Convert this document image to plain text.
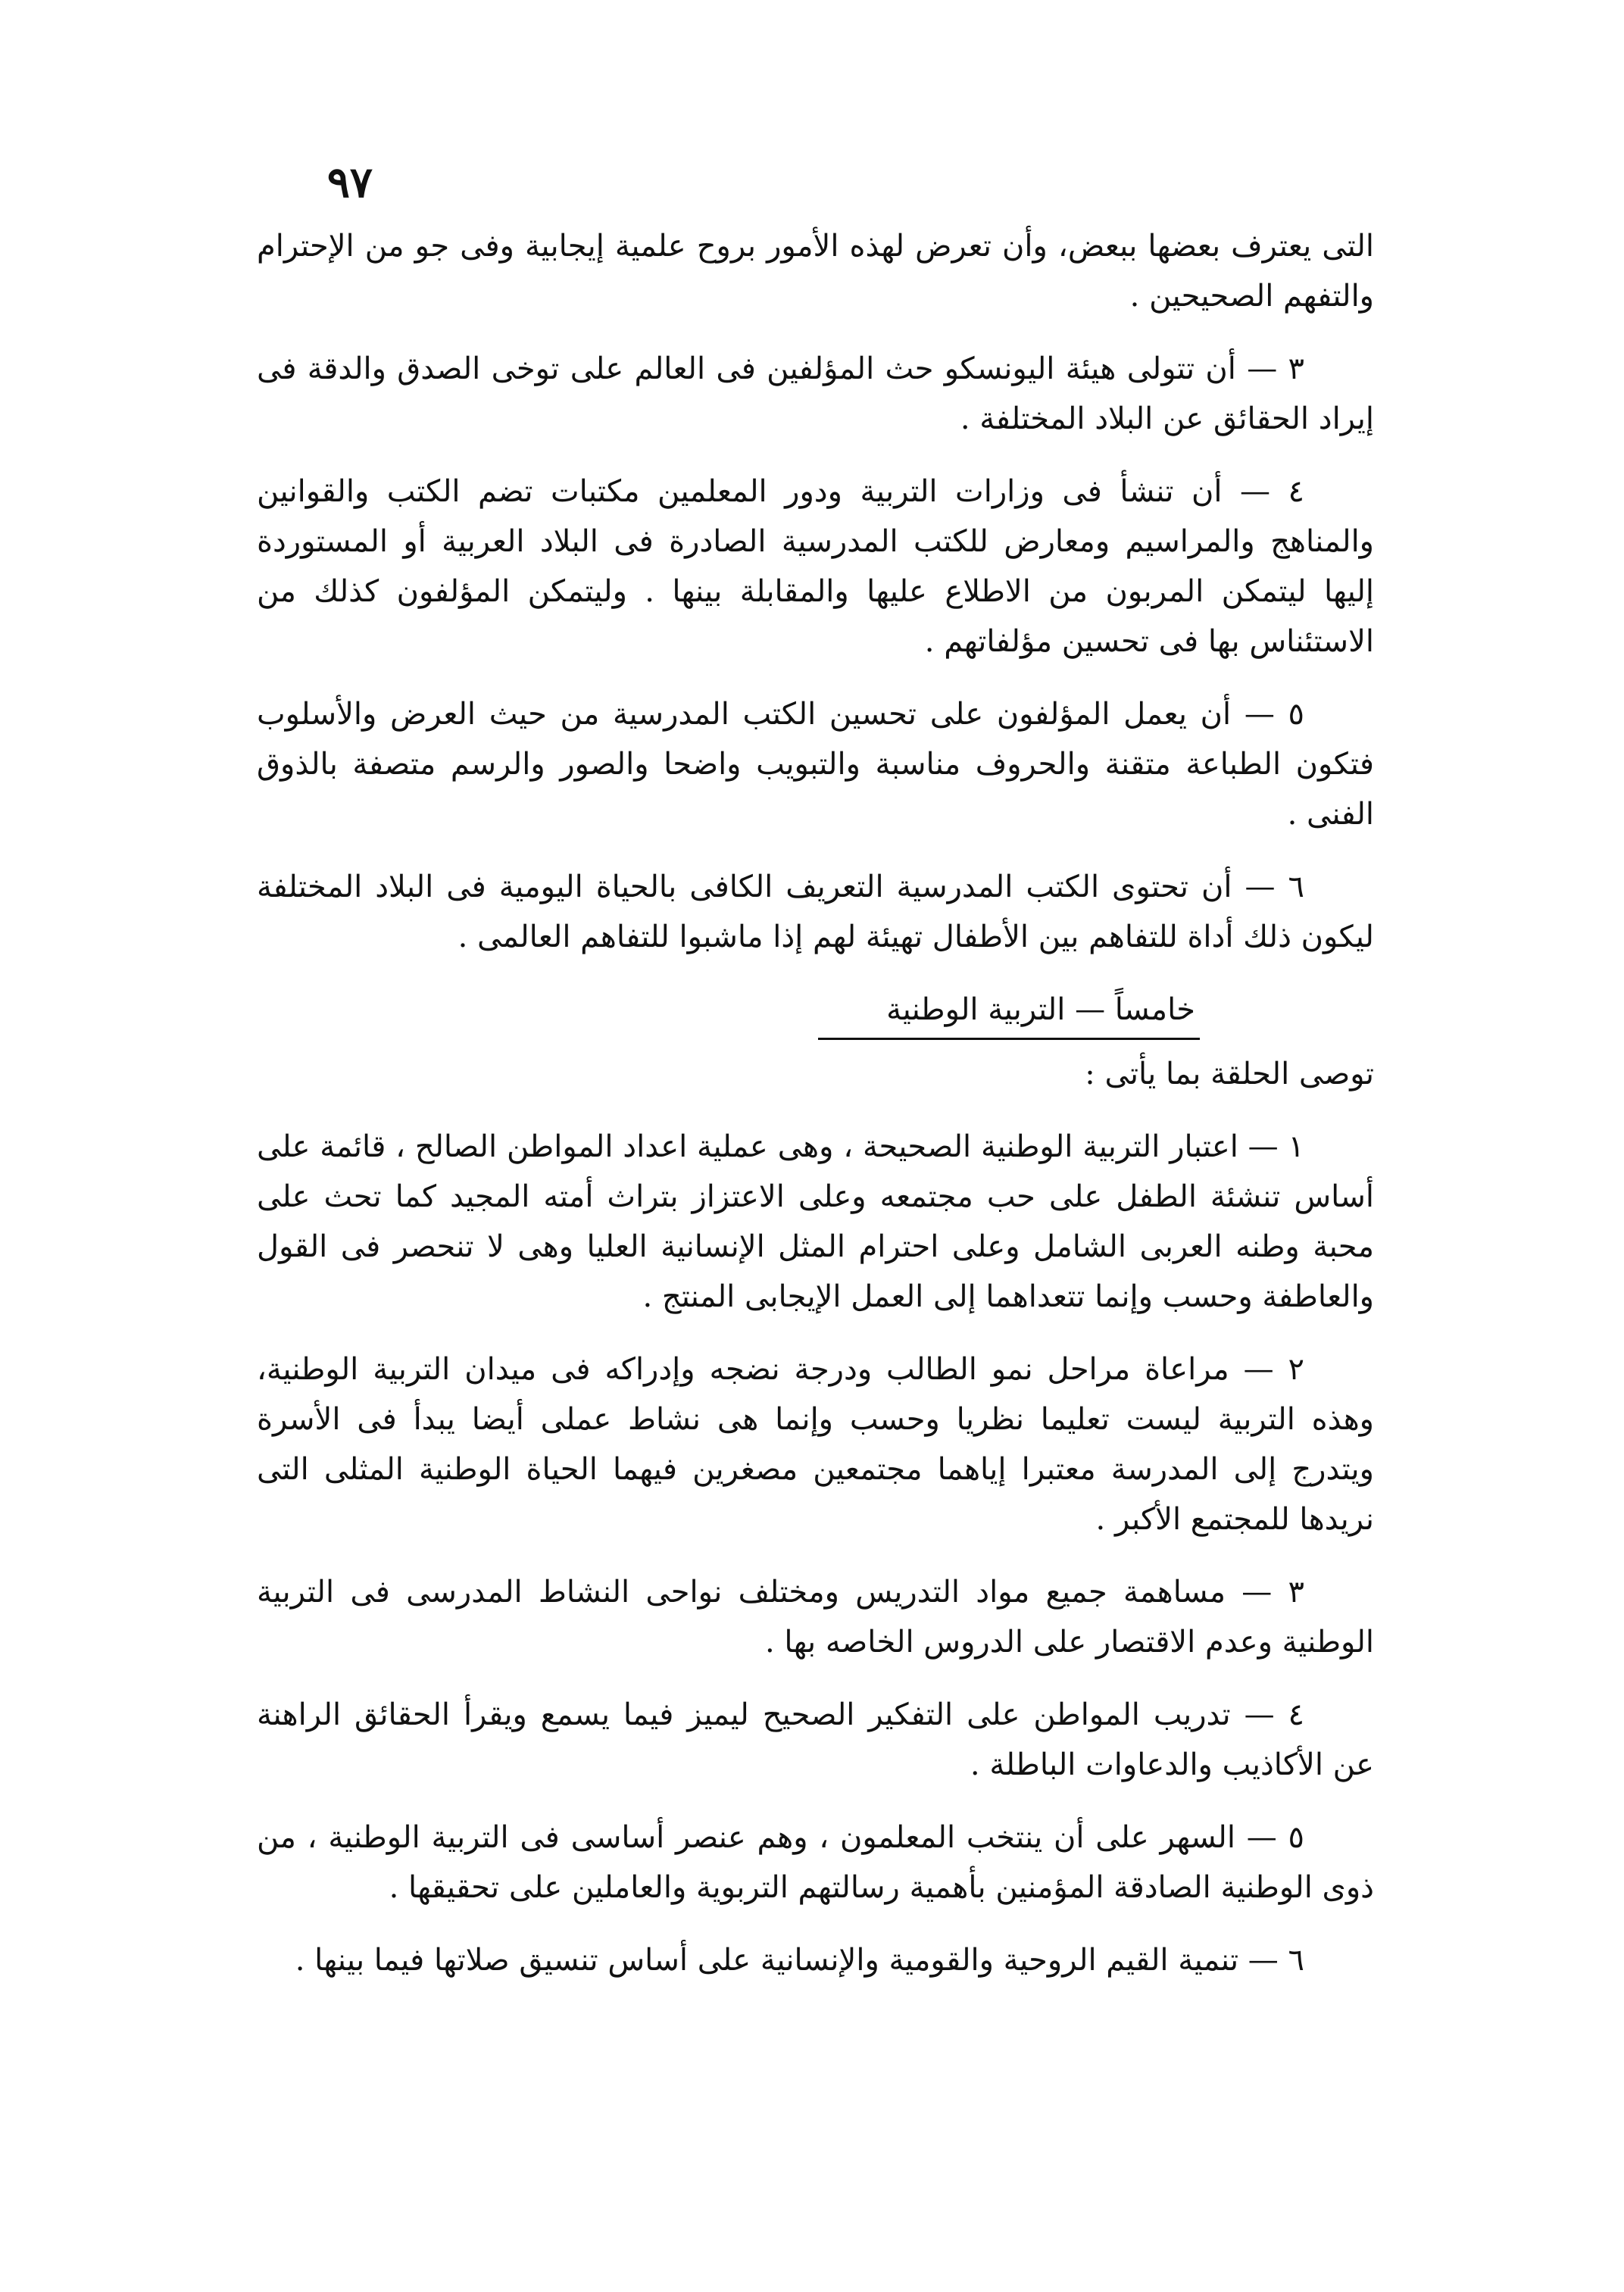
٩٧

التى يعترف بعضها ببعض، وأن تعرض لهذه الأمور بروح علمية إيجابية وفى جو من الإحترام والتفهم الصحيحين .

٣ — أن تتولى هيئة اليونسكو حث المؤلفين فى العالم على توخى الصدق والدقة فى إيراد الحقائق عن البلاد المختلفة .

٤ — أن تنشأ فى وزارات التربية ودور المعلمين مكتبات تضم الكتب والقوانين والمناهج والمراسيم ومعارض للكتب المدرسية الصادرة فى البلاد العربية أو المستوردة إليها ليتمكن المربون من الاطلاع عليها والمقابلة بينها . وليتمكن المؤلفون كذلك من الاستئناس بها فى تحسين مؤلفاتهم .

٥ — أن يعمل المؤلفون على تحسين الكتب المدرسية من حيث العرض والأسلوب فتكون الطباعة متقنة والحروف مناسبة والتبويب واضحا والصور والرسم متصفة بالذوق الفنى .

٦ — أن تحتوى الكتب المدرسية التعريف الكافى بالحياة اليومية فى البلاد المختلفة ليكون ذلك أداة للتفاهم بين الأطفال تهيئة لهم إذا ماشبوا للتفاهم العالمى .

خامساً — التربية الوطنية

توصى الحلقة بما يأتى :

١ — اعتبار التربية الوطنية الصحيحة ، وهى عملية اعداد المواطن الصالح ، قائمة على أساس تنشئة الطفل على حب مجتمعه وعلى الاعتزاز بتراث أمته المجيد كما تحث على محبة وطنه العربى الشامل وعلى احترام المثل الإنسانية العليا وهى لا تنحصر فى القول والعاطفة وحسب وإنما تتعداهما إلى العمل الإيجابى المنتج .

٢ — مراعاة مراحل نمو الطالب ودرجة نضجه وإدراكه فى ميدان التربية الوطنية، وهذه التربية ليست تعليما نظريا وحسب وإنما هى نشاط عملى أيضا يبدأ فى الأسرة ويتدرج إلى المدرسة معتبرا إياهما مجتمعين مصغرين فيهما الحياة الوطنية المثلى التى نريدها للمجتمع الأكبر .

٣ — مساهمة جميع مواد التدريس ومختلف نواحى النشاط المدرسى فى التربية الوطنية وعدم الاقتصار على الدروس الخاصه بها .

٤ — تدريب المواطن على التفكير الصحيح ليميز فيما يسمع ويقرأ الحقائق الراهنة عن الأكاذيب والدعاوات الباطلة .

٥ — السهر على أن ينتخب المعلمون ، وهم عنصر أساسى فى التربية الوطنية ، من ذوى الوطنية الصادقة المؤمنين بأهمية رسالتهم التربوية والعاملين على تحقيقها .

٦ — تنمية القيم الروحية والقومية والإنسانية على أساس تنسيق صلاتها فيما بينها .
